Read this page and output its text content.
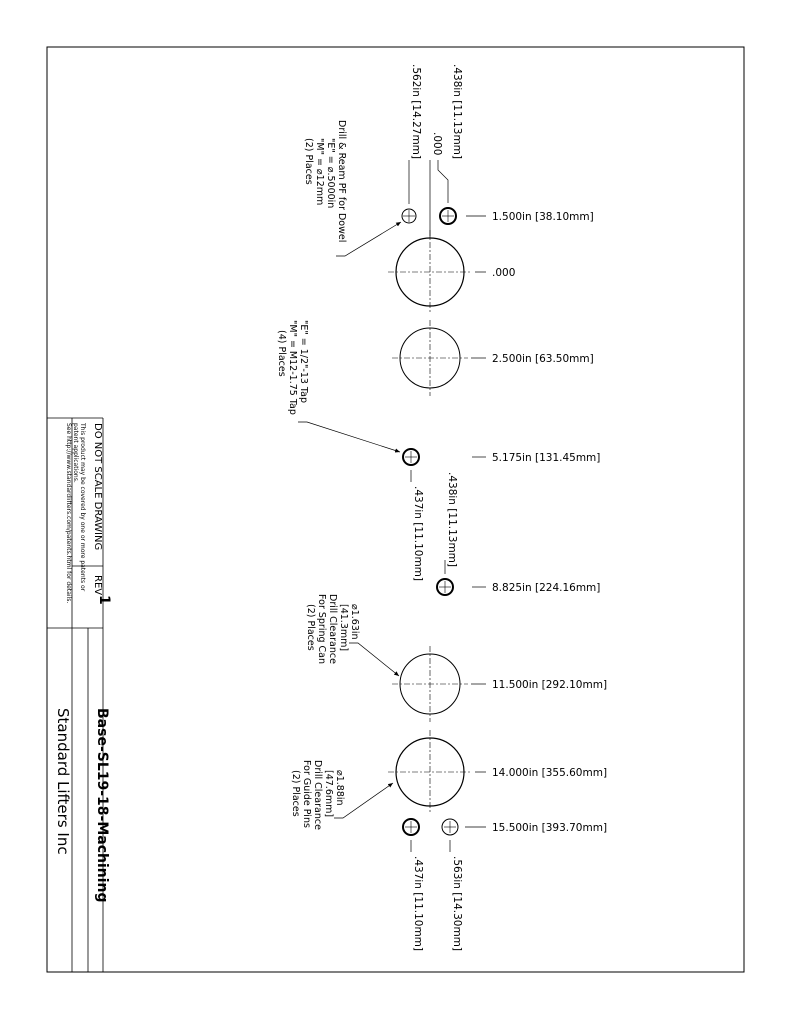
DO NOT SCALE DRAWING
REV
1
This product may be covered by one or more patents or
patent applications.
See http://www.standardlifters.com/patents.html for details.
Base-SL19-18-Machining
Standard Lifters Inc
1.500in [38.10mm]
.000
2.500in [63.50mm]
5.175in [131.45mm]
8.825in [224.16mm]
11.500in [292.10mm]
14.000in [355.60mm]
15.500in [393.70mm]
.438in [11.13mm]
.000
.562in [14.27mm]
.438in [11.13mm]
.437in [11.10mm]
.563in [14.30mm]
.437in [11.10mm]
Drill & Ream PF for Dowel
"E" = ⌀.5000in
"M" = ⌀12mm
(2) Places
"E" = 1/2"-13 Tap
"M" = M12-1.75 Tap
(4) Places
⌀1.63in
[41.3mm]
Drill Clearance
For Spring Can
(2) Places
⌀1.88in
[47.6mm]
Drill Clearance
For Guide Pins
(2) Places
